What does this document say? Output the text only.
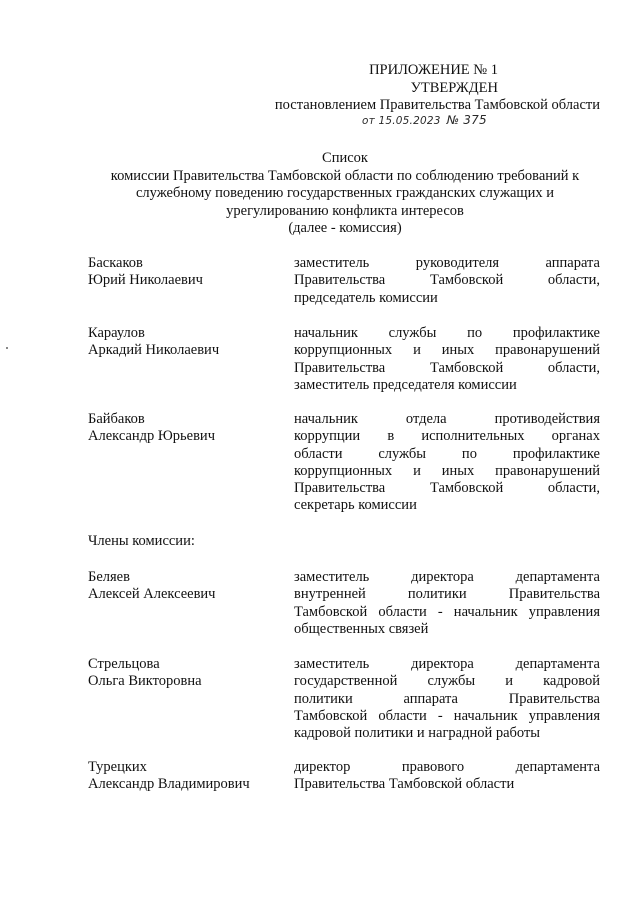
ПРИЛОЖЕНИЕ № 1
УТВЕРЖДЕН
постановлением Правительства Тамбовской области
от 15.05.2023 № 375
Список
комиссии Правительства Тамбовской области по соблюдению требований к
служебному поведению государственных гражданских служащих и
урегулированию конфликта интересов
(далее - комиссия)
Баскаков
Юрий Николаевич
заместитель руководителя аппарата
Правительства Тамбовской области,
председатель комиссии
Караулов
Аркадий Николаевич
начальник службы по профилактике
коррупционных и иных правонарушений
Правительства Тамбовской области,
заместитель председателя комиссии
Байбаков
Александр Юрьевич
начальник отдела противодействия
коррупции в исполнительных органах
области службы по профилактике
коррупционных и иных правонарушений
Правительства Тамбовской области,
секретарь комиссии
Члены комиссии:
Беляев
Алексей Алексеевич
заместитель директора департамента
внутренней политики Правительства
Тамбовской области - начальник управления
общественных связей
Стрельцова
Ольга Викторовна
заместитель директора департамента
государственной службы и кадровой
политики аппарата Правительства
Тамбовской области - начальник управления
кадровой политики и наградной работы
Турецких
Александр Владимирович
директор правового департамента
Правительства Тамбовской области
